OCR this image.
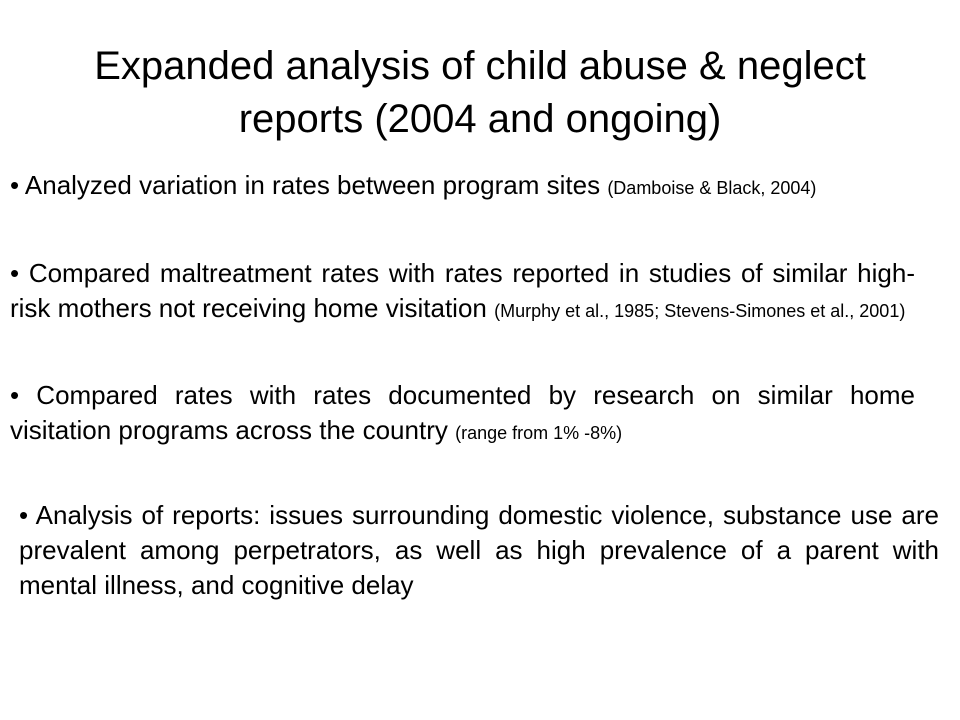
Expanded analysis of child abuse & neglect reports (2004 and ongoing)

• Analyzed variation in rates between program sites (Damboise & Black, 2004)

• Compared maltreatment rates with rates reported in studies of similar high-risk mothers not receiving home visitation (Murphy et al., 1985; Stevens-Simones et al., 2001)

• Compared rates with rates documented by research on similar home visitation programs across the country (range from 1% -8%)

• Analysis of reports: issues surrounding domestic violence, substance use are prevalent among perpetrators, as well as high prevalence of a parent with mental illness, and cognitive delay
